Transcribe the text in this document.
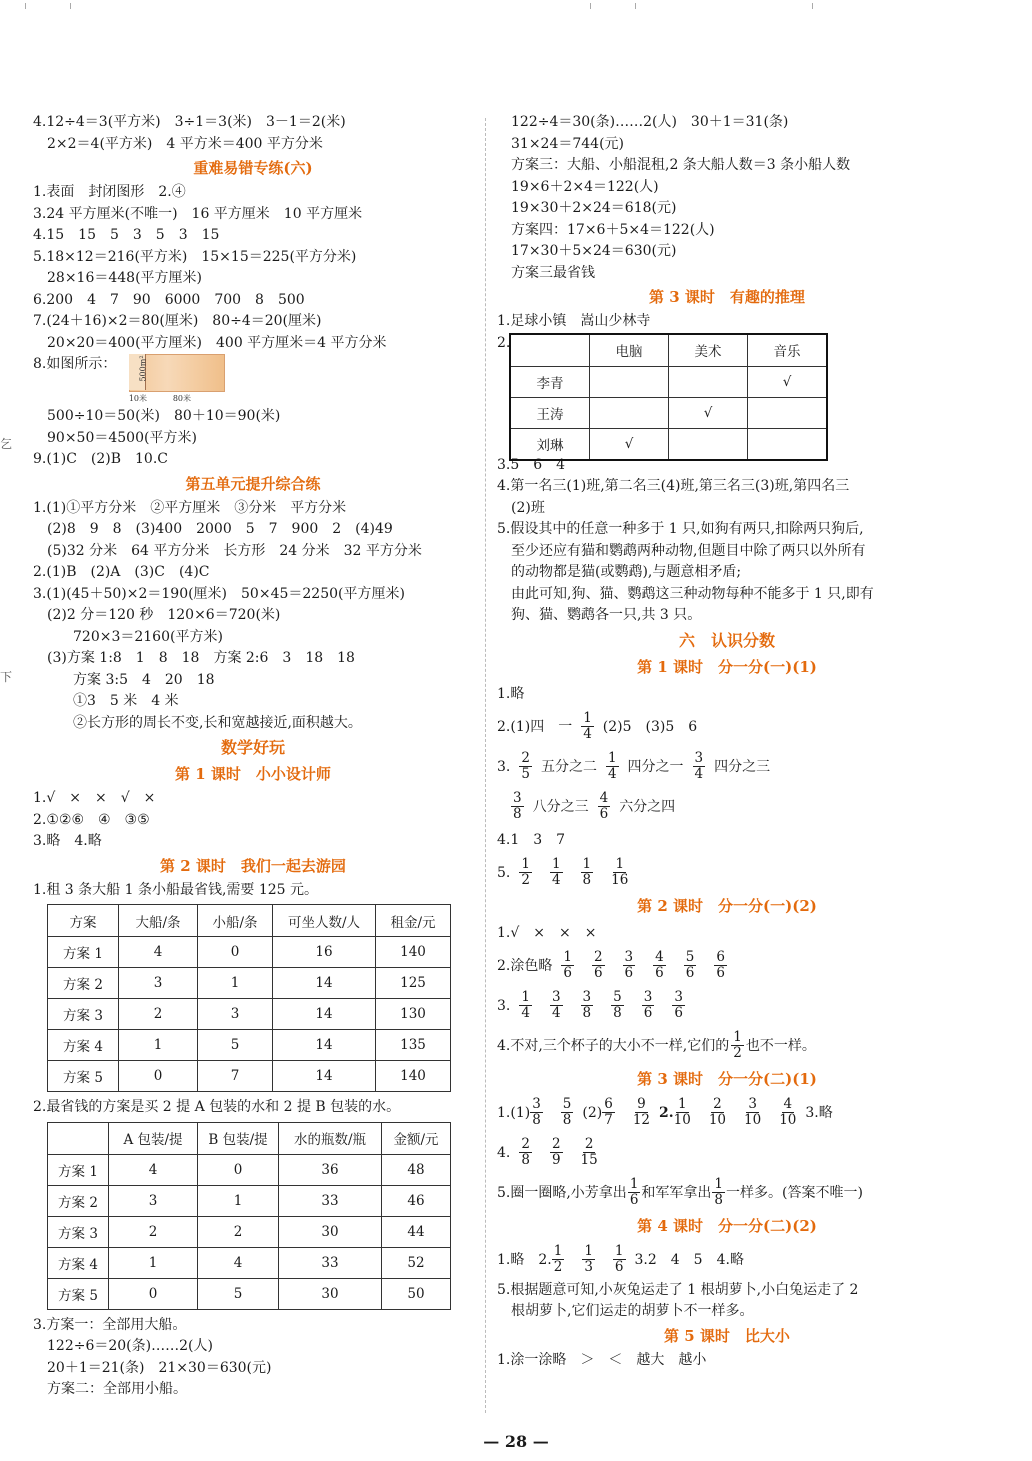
乞
下
4.12÷4＝3(平方米)　3÷1＝3(米)　3－1＝2(米)
2×2＝4(平方米)　4 平方米＝400 平方分米
重难易错专练(六)
1.表面　封闭图形　2.④
3.24 平方厘米(不唯一)　16 平方厘米　10 平方厘米
4.15　15　5　3　5　3　15
5.18×12＝216(平方米)　15×15＝225(平方分米)
28×16＝448(平方厘米)
6.200　4　7　90　6000　700　8　500
7.(24＋16)×2＝80(厘米)　80÷4＝20(厘米)
20×20＝400(平方厘米)　400 平方厘米＝4 平方分米
8.如图所示：	500m²
10米	80米
500÷10＝50(米)　80＋10＝90(米)
90×50＝4500(平方米)
9.(1)C　(2)B　10.C
第五单元提升综合练
1.(1)①平方分米　②平方厘米　③分米　平方分米
(2)8　9　8　(3)400　2000　5　7　900　2　(4)49
(5)32 分米　64 平方分米　长方形　24 分米　32 平方分米
2.(1)B　(2)A　(3)C　(4)C
3.(1)(45＋50)×2＝190(厘米)　50×45＝2250(平方厘米)
(2)2 分＝120 秒　120×6＝720(米)
720×3＝2160(平方米)
(3)方案 1:8　1　8　18　方案 2:6　3　18　18
方案 3:5　4　20　18
①3　5 米　4 米
②长方形的周长不变,长和宽越接近,面积越大。
数学好玩
第 1 课时　小小设计师
1.√　×　×　√　×
2.①②⑥　④　③⑤
3.略　4.略
第 2 课时　我们一起去游园
1.租 3 条大船 1 条小船最省钱,需要 125 元。
方案	大船/条	小船/条	可坐人数/人	租金/元
方案 1	4	0	16	140
方案 2	3	1	14	125
方案 3	2	3	14	130
方案 4	1	5	14	135
方案 5	0	7	14	140
2.最省钱的方案是买 2 提 A 包装的水和 2 提 B 包装的水。
	A 包装/提	B 包装/提	水的瓶数/瓶	金额/元
方案 1	4	0	36	48
方案 2	3	1	33	46
方案 3	2	2	30	44
方案 4	1	4	33	52
方案 5	0	5	30	50
3.方案一：全部用大船。
122÷6＝20(条)……2(人)
20＋1＝21(条)　21×30＝630(元)
方案二：全部用小船。
122÷4＝30(条)……2(人)　30＋1＝31(条)
31×24＝744(元)
方案三：大船、小船混租,2 条大船人数＝3 条小船人数
19×6＋2×4＝122(人)
19×30＋2×24＝618(元)
方案四：17×6＋5×4＝122(人)
17×30＋5×24＝630(元)
方案三最省钱
第 3 课时　有趣的推理
1.足球小镇　嵩山少林寺
2.
	电脑	美术	音乐
李青			√
王涛		√	
刘琳	√		
3.5　6　4
4.第一名三(1)班,第二名三(4)班,第三名三(3)班,第四名三
(2)班
5.假设其中的任意一种多于 1 只,如狗有两只,扣除两只狗后,
至少还应有猫和鹦鹉两种动物,但题目中除了两只以外所有
的动物都是猫(或鹦鹉),与题意相矛盾;
由此可知,狗、猫、鹦鹉这三种动物每种不能多于 1 只,即有
狗、猫、鹦鹉各一只,共 3 只。
六　认识分数
第 1 课时　分一分(一)(1)
1.略
2.(1)四　一 $\frac{1}{4} (2)5$　(3)5　6
3. $\frac{2}{5}$ 五分之二 $\frac{1}{4}$ 四分之一 $\frac{3}{4}$ 四分之三
$\frac{3}{8}$ 八分之三 $\frac{4}{6}$ 六分之四
4.1　3　7
5. $\frac{1}{2} \frac{1}{4} \frac{1}{8} \frac{1}{16}$
第 2 课时　分一分(一)(2)
1.√　×　×　×
2.涂色略 $\frac{1}{6} \frac{2}{6} \frac{3}{6} \frac{4}{6} \frac{5}{6} \frac{6}{6}$
3. $\frac{1}{4} \frac{3}{4} \frac{3}{8} \frac{5}{8} \frac{3}{6} \frac{3}{6}$
4.不对,三个杯子的大小不一样,它们的 $\frac{1}{2}$ 也不一样。
第 3 课时　分一分(二)(1)
$1.(1) \frac{3}{8} \frac{5}{8} (2) \frac{6}{7} \frac{9}{12} 2$. $\frac{1}{10} \frac{2}{10} \frac{3}{10} \frac{4}{10} 3$.略
4. $\frac{2}{8} \frac{2}{9} \frac{2}{15}$
5.圈一圈略,小芳拿出 $\frac{1}{6}$ 和军军拿出 $\frac{1}{8}$ 一样多。(答案不唯一)
第 4 课时　分一分(二)(2)
1.略　 2. $\frac{1}{2} \frac{1}{3} \frac{1}{6} 3.2$　4　5　 4.略
5.根据题意可知,小灰兔运走了 1 根胡萝卜,小白兔运走了 2
根胡萝卜,它们运走的胡萝卜不一样多。
第 5 课时　比大小
1.涂一涂略　＞　＜　越大　越小
— 28 —
